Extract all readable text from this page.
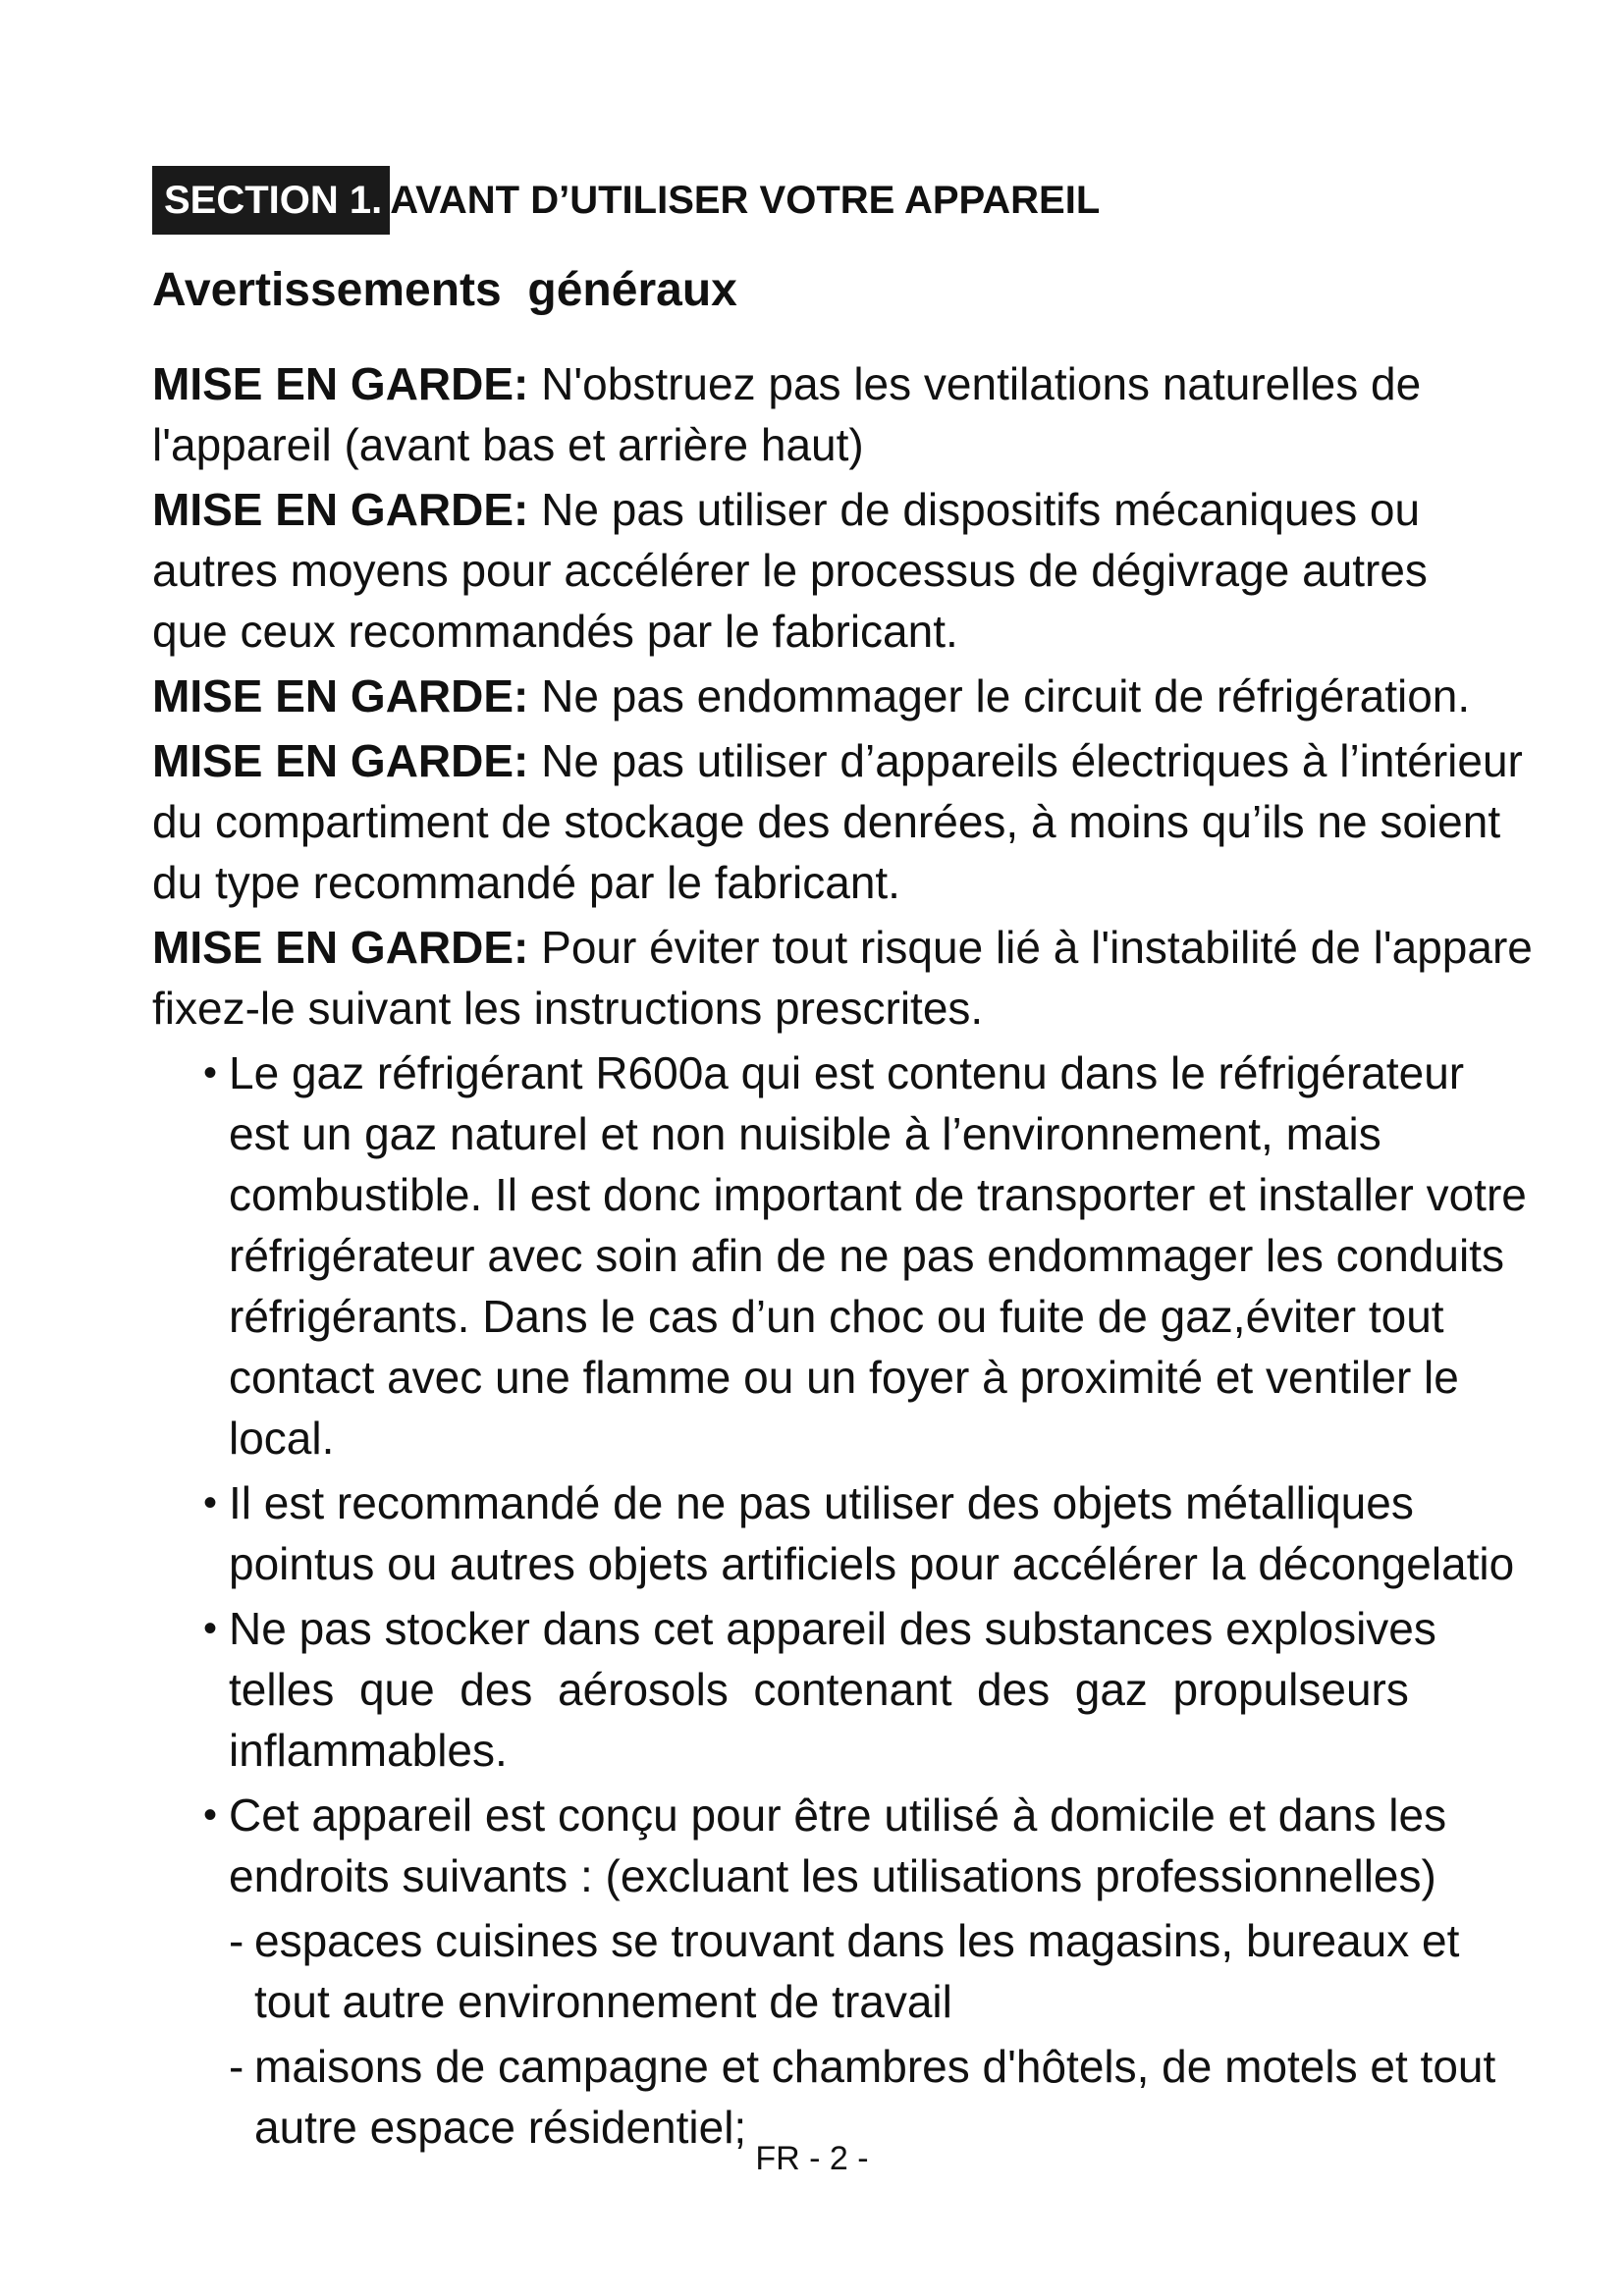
SECTION 1. AVANT D’UTILISER VOTRE APPAREIL
Avertissements  généraux
MISE EN GARDE: N'obstruez pas les ventilations naturelles de
l'appareil (avant bas et arrière haut)
MISE EN GARDE: Ne pas utiliser de dispositifs mécaniques ou
autres moyens pour accélérer le processus de dégivrage autres
que ceux recommandés par le fabricant.
MISE EN GARDE: Ne pas endommager le circuit de réfrigération.
MISE EN GARDE: Ne pas utiliser d’appareils électriques à l’intérieur
du compartiment de stockage des denrées, à moins qu’ils ne soient
du type recommandé par le fabricant.
MISE EN GARDE: Pour éviter tout risque lié à l'instabilité de l'appare
fixez-le suivant les instructions prescrites.
• Le gaz réfrigérant R600a qui est contenu dans le réfrigérateur
est un gaz naturel et non nuisible à l’environnement, mais
combustible. Il est donc important de transporter et installer votre
réfrigérateur avec soin afin de ne pas endommager les conduits
réfrigérants. Dans le cas d’un choc ou fuite de gaz,éviter tout
contact avec une flamme ou un foyer à proximité et ventiler le
local.
• Il est recommandé de ne pas utiliser des objets métalliques
pointus ou autres objets artificiels pour accélérer la décongelatio
• Ne pas stocker dans cet appareil des substances explosives
telles  que  des  aérosols  contenant  des  gaz  propulseurs
inflammables.
• Cet appareil est conçu pour être utilisé à domicile et dans les
endroits suivants : (excluant les utilisations professionnelles)
- espaces cuisines se trouvant dans les magasins, bureaux et
tout autre environnement de travail
- maisons de campagne et chambres d'hôtels, de motels et tout
autre espace résidentiel;
FR - 2 -
